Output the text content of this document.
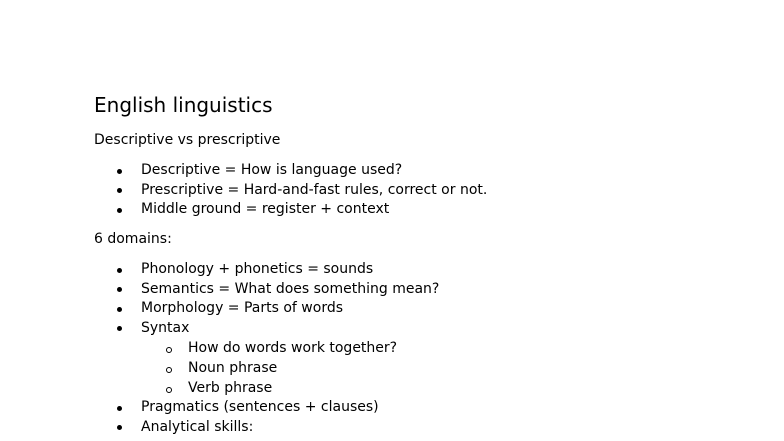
English linguistics
Descriptive vs prescriptive
Descriptive = How is language used?
Prescriptive = Hard-and-fast rules, correct or not.
Middle ground = register + context
6 domains:
Phonology + phonetics = sounds
Semantics = What does something mean?
Morphology = Parts of words
Syntax
How do words work together?
Noun phrase
Verb phrase
Pragmatics (sentences + clauses)
Analytical skills:
